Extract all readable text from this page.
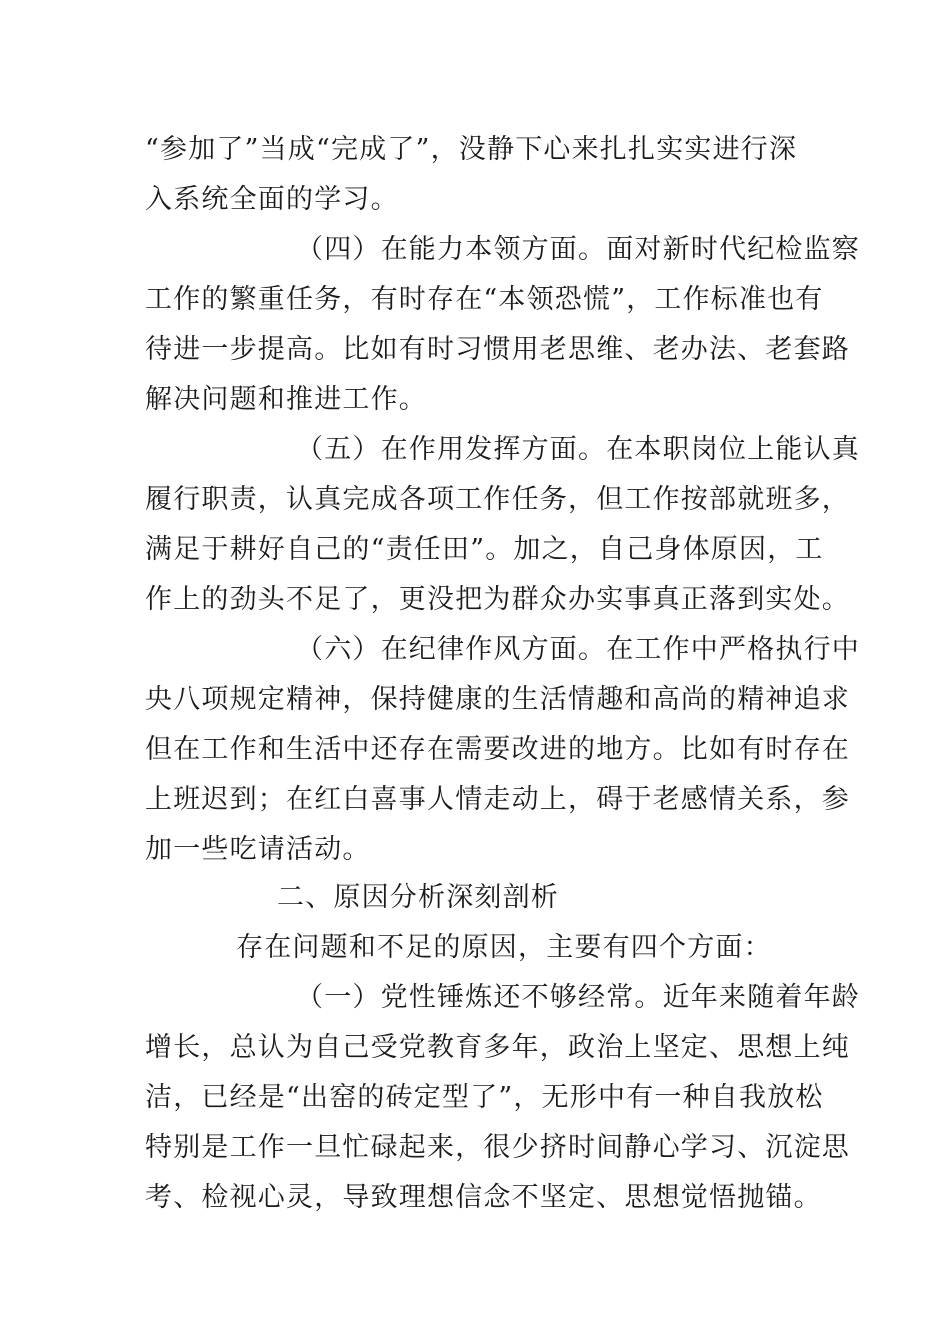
“参加了”当成“完成了”，没静下心来扎扎实实进行深
入系统全面的学习。
（四）在能力本领方面。面对新时代纪检监察
工作的繁重任务，有时存在“本领恐慌”，工作标准也有
待进一步提高。比如有时习惯用老思维、老办法、老套路
解决问题和推进工作。
（五）在作用发挥方面。在本职岗位上能认真
履行职责，认真完成各项工作任务，但工作按部就班多，
满足于耕好自己的“责任田”。加之，自己身体原因，工
作上的劲头不足了，更没把为群众办实事真正落到实处。
（六）在纪律作风方面。在工作中严格执行中
央八项规定精神，保持健康的生活情趣和高尚的精神追求
但在工作和生活中还存在需要改进的地方。比如有时存在
上班迟到；在红白喜事人情走动上，碍于老感情关系，参
加一些吃请活动。
二、原因分析深刻剖析
存在问题和不足的原因，主要有四个方面：
（一）党性锤炼还不够经常。近年来随着年龄
增长，总认为自己受党教育多年，政治上坚定、思想上纯
洁，已经是“出窑的砖定型了”，无形中有一种自我放松
特别是工作一旦忙碌起来，很少挤时间静心学习、沉淀思
考、检视心灵，导致理想信念不坚定、思想觉悟抛锚。
